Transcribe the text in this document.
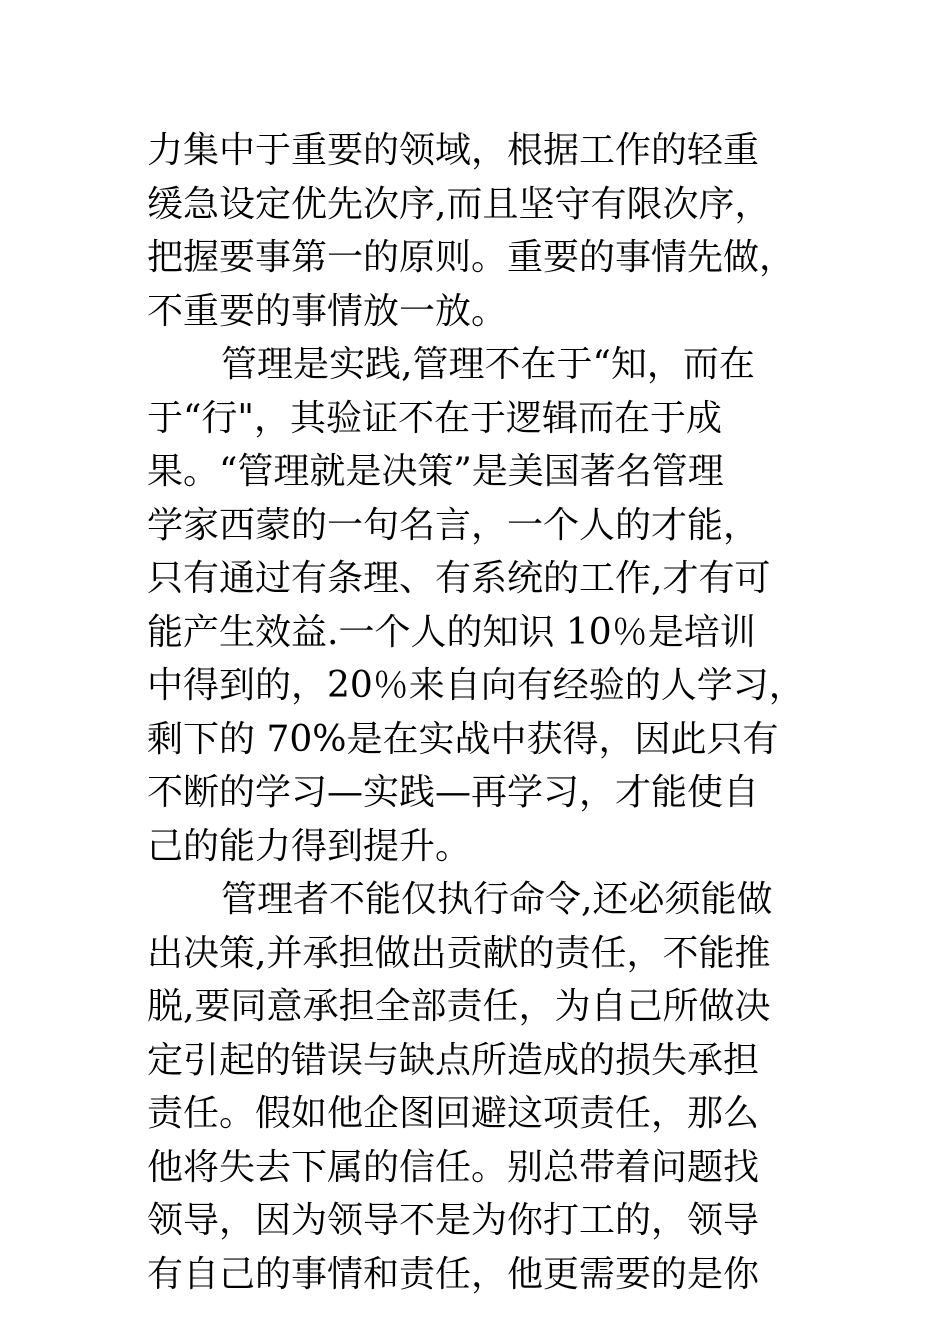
力集中于重要的领域，根据工作的轻重
缓急设定优先次序,而且坚守有限次序，
把握要事第一的原则。重要的事情先做，
不重要的事情放一放。
管理是实践,管理不在于“知，而在
于“行"，其验证不在于逻辑而在于成
果。“管理就是决策”是美国著名管理
学家西蒙的一句名言，一个人的才能，
只有通过有条理、有系统的工作,才有可
能产生效益.一个人的知识 10％是培训
中得到的，20％来自向有经验的人学习，
剩下的 70%是在实战中获得，因此只有
不断的学习—实践—再学习，才能使自
己的能力得到提升。
管理者不能仅执行命令,还必须能做
出决策,并承担做出贡献的责任，不能推
脱,要同意承担全部责任，为自己所做决
定引起的错误与缺点所造成的损失承担
责任。假如他企图回避这项责任，那么
他将失去下属的信任。别总带着问题找
领导，因为领导不是为你打工的，领导
有自己的事情和责任，他更需要的是你
